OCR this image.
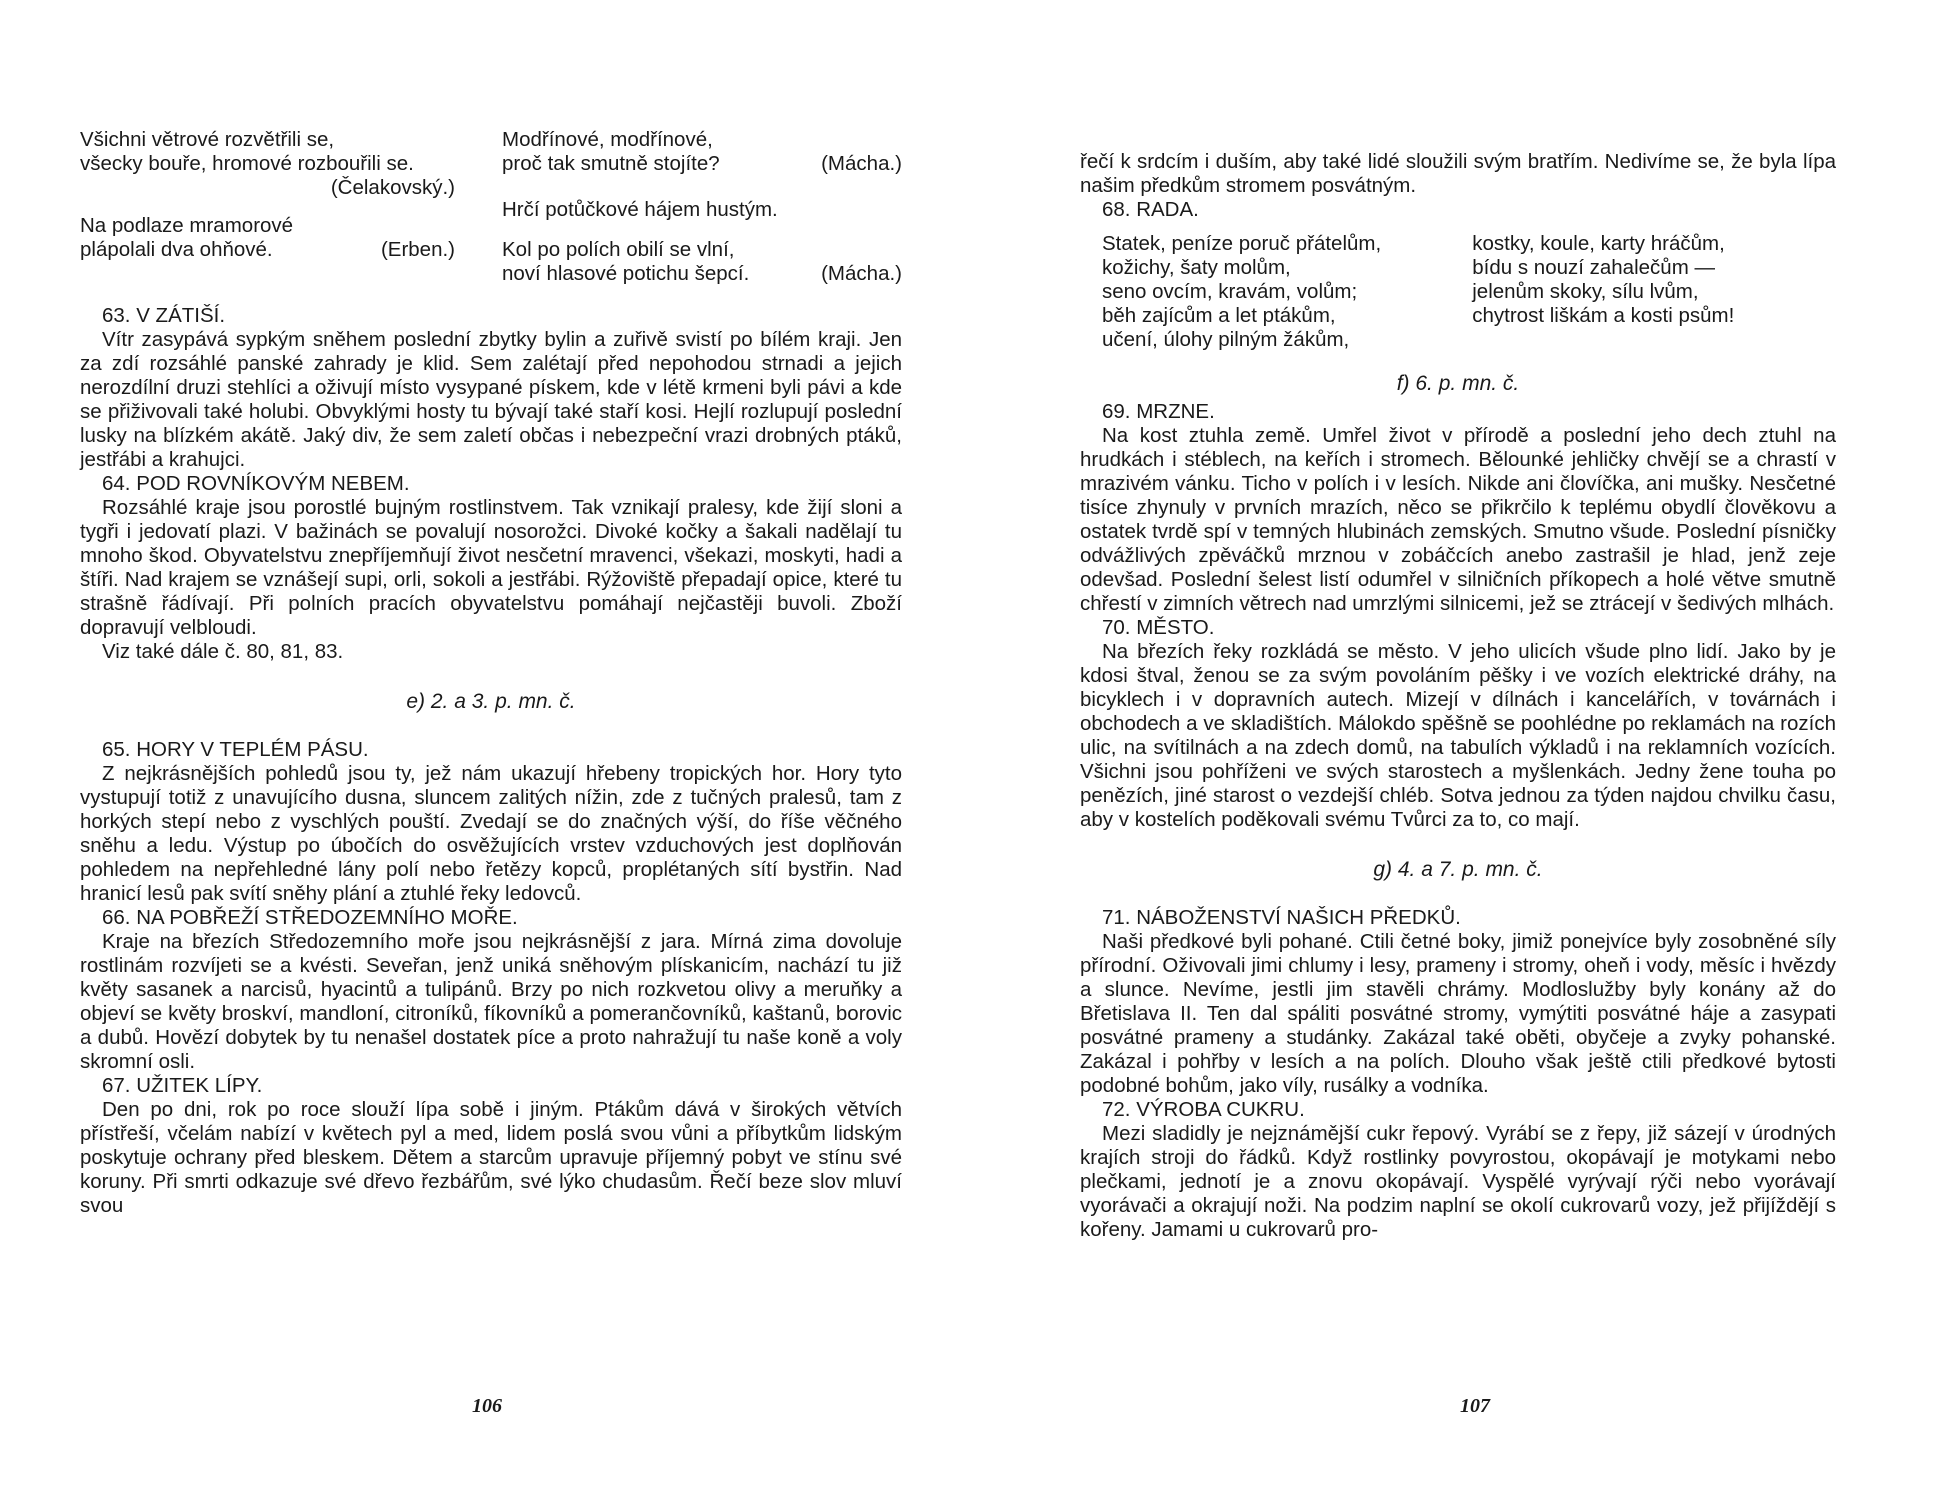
Všichni větrové rozvětřili se,
všecky bouře, hromové rozbouřili se.
(Čelakovský.)
Na podlaze mramorové
plápolali dva ohňové.	(Erben.)
Modřínové, modřínové,
proč tak smutně stojíte?	(Mácha.)
Hrčí potůčkové hájem hustým.
Kol po polích obilí se vlní,
noví hlasové potichu šepcí.	(Mácha.)
63. V ZÁTIŠÍ.

Vítr zasypává sypkým sněhem poslední zbytky bylin a zuřivě svistí po bílém kraji. Jen za zdí rozsáhlé panské zahrady je klid. Sem zalétají před nepohodou strnadi a jejich nerozdílní druzi stehlíci a oživují místo vysypané pískem, kde v létě krmeni byli pávi a kde se přiživovali také holubi. Obvyklými hosty tu bývají také staří kosi. Hejlí rozlupují poslední lusky na blízkém akátě. Jaký div, že sem zaletí občas i nebezpeční vrazi drobných ptáků, jestřábi a krahujci.

64. POD ROVNÍKOVÝM NEBEM.

Rozsáhlé kraje jsou porostlé bujným rostlinstvem. Tak vznikají pralesy, kde žijí sloni a tygři i jedovatí plazi. V bažinách se povalují nosorožci. Divoké kočky a šakali nadělají tu mnoho škod. Obyvatelstvu znepříjemňují život nesčetní mravenci, všekazi, moskyti, hadi a štíři. Nad krajem se vznášejí supi, orli, sokoli a jestřábi. Rýžoviště přepadají opice, které tu strašně řádívají. Při polních pracích obyvatelstvu pomáhají nejčastěji buvoli. Zboží dopravují velbloudi.

Viz také dále č. 80, 81, 83.

e) 2. a 3. p. mn. č.
65. HORY V TEPLÉM PÁSU.

Z nejkrásnějších pohledů jsou ty, jež nám ukazují hřebeny tropických hor. Hory tyto vystupují totiž z unavujícího dusna, sluncem zalitých nížin, zde z tučných pralesů, tam z horkých stepí nebo z vyschlých pouští. Zvedají se do značných výší, do říše věčného sněhu a ledu. Výstup po úbočích do osvěžujících vrstev vzduchových jest doplňován pohledem na nepřehledné lány polí nebo řetězy kopců, proplétaných sítí bystřin. Nad hranicí lesů pak svítí sněhy plání a ztuhlé řeky ledovců.

66. NA POBŘEŽÍ STŘEDOZEMNÍHO MOŘE.

Kraje na březích Středozemního moře jsou nejkrásnější z jara. Mírná zima dovoluje rostlinám rozvíjeti se a kvésti. Seveřan, jenž uniká sněhovým plískanicím, nachází tu již květy sasanek a narcisů, hyacintů a tulipánů. Brzy po nich rozkvetou olivy a meruňky a objeví se květy broskví, mandloní, citroníků, fíkovníků a pomerančovníků, kaštanů, borovic a dubů. Hovězí dobytek by tu nenašel dostatek píce a proto nahražují tu naše koně a voly skromní osli.

67. UŽITEK LÍPY.

Den po dni, rok po roce slouží lípa sobě i jiným. Ptákům dává v širokých větvích přístřeší, včelám nabízí v květech pyl a med, lidem poslá svou vůni a příbytkům lidským poskytuje ochrany před bleskem. Dětem a starcům upravuje příjemný pobyt ve stínu své koruny. Při smrti odkazuje své dřevo řezbářům, své lýko chudasům. Řečí beze slov mluví svou

106

řečí k srdcím i duším, aby také lidé sloužili svým bratřím. Nedivíme se, že byla lípa našim předkům stromem posvátným.

68. RADA.
Statek, peníze poruč přátelům,
kožichy, šaty molům,
seno ovcím, kravám, volům;
běh zajícům a let ptákům,
učení, úlohy pilným žákům,
kostky, koule, karty hráčům,
bídu s nouzí zahalečům —
jelenům skoky, sílu lvům,
chytrost liškám a kosti psům!
f) 6. p. mn. č.
69. MRZNE.

Na kost ztuhla země. Umřel život v přírodě a poslední jeho dech ztuhl na hrudkách i stéblech, na keřích i stromech. Bělounké jehličky chvějí se a chrastí v mrazivém vánku. Ticho v polích i v lesích. Nikde ani človíčka, ani mušky. Nesčetné tisíce zhynuly v prvních mrazích, něco se přikrčilo k teplému obydlí člověkovu a ostatek tvrdě spí v temných hlubinách zemských. Smutno všude. Poslední písničky odvážlivých zpěváčků mrznou v zobáčcích anebo zastrašil je hlad, jenž zeje odevšad. Poslední šelest listí odumřel v silničních příkopech a holé větve smutně chřestí v zimních větrech nad umrzlými silnicemi, jež se ztrácejí v šedivých mlhách.

70. MĚSTO.

Na březích řeky rozkládá se město. V jeho ulicích všude plno lidí. Jako by je kdosi štval, ženou se za svým povoláním pěšky i ve vozích elektrické dráhy, na bicyklech i v dopravních autech. Mizejí v dílnách i kancelářích, v továrnách i obchodech a ve skladištích. Málokdo spěšně se poohlédne po reklamách na rozích ulic, na svítilnách a na zdech domů, na tabulích výkladů i na reklamních vozících. Všichni jsou pohříženi ve svých starostech a myšlenkách. Jedny žene touha po penězích, jiné starost o vezdejší chléb. Sotva jednou za týden najdou chvilku času, aby v kostelích poděkovali svému Tvůrci za to, co mají.

g) 4. a 7. p. mn. č.
71. NÁBOŽENSTVÍ NAŠICH PŘEDKŮ.

Naši předkové byli pohané. Ctili četné boky, jimiž ponejvíce byly zosobněné síly přírodní. Oživovali jimi chlumy i lesy, prameny i stromy, oheň i vody, měsíc i hvězdy a slunce. Nevíme, jestli jim stavěli chrámy. Modloslužby byly konány až do Břetislava II. Ten dal spáliti posvátné stromy, vymýtiti posvátné háje a zasypati posvátné prameny a studánky. Zakázal také oběti, obyčeje a zvyky pohanské. Zakázal i pohřby v lesích a na polích. Dlouho však ještě ctili předkové bytosti podobné bohům, jako víly, rusálky a vodníka.

72. VÝROBA CUKRU.

Mezi sladidly je nejznámější cukr řepový. Vyrábí se z řepy, již sázejí v úrodných krajích stroji do řádků. Když rostlinky povyrostou, okopávají je motykami nebo plečkami, jednotí je a znovu okopávají. Vyspělé vyrývají rýči nebo vyorávají vyorávači a okrajují noži. Na podzim naplní se okolí cukrovarů vozy, jež přijíždějí s kořeny. Jamami u cukrovarů pro-

107
